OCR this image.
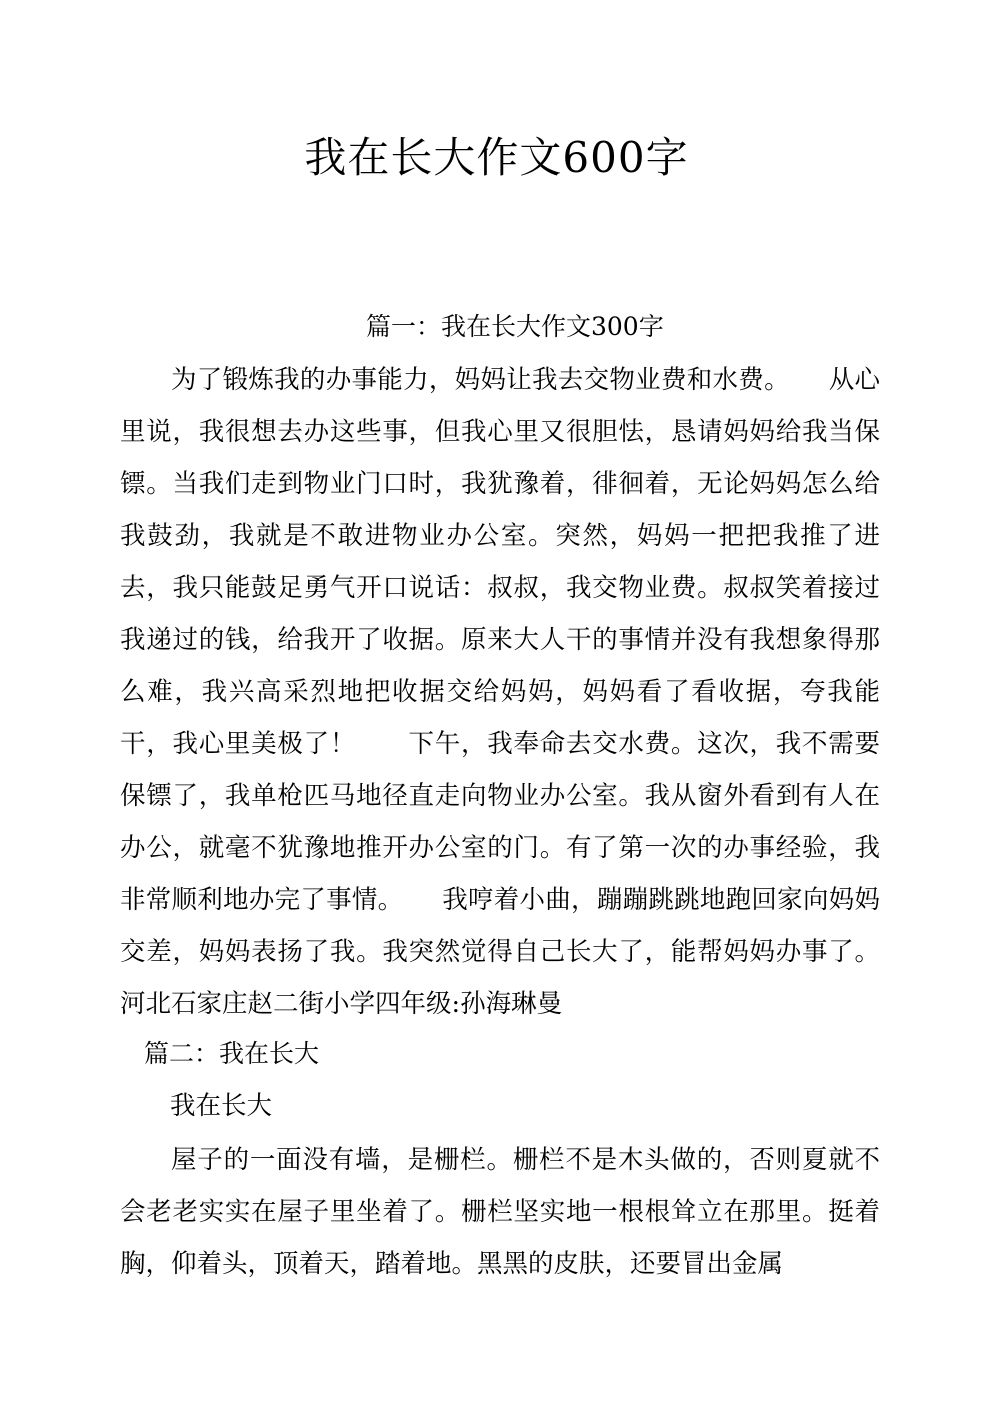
我在长大作文600字
篇一：我在长大作文300字

为了锻炼我的办事能力，妈妈让我去交物业费和水费。　　从心里说，我很想去办这些事，但我心里又很胆怯，恳请妈妈给我当保镖。当我们走到物业门口时，我犹豫着，徘徊着，无论妈妈怎么给我鼓劲，我就是不敢进物业办公室。突然，妈妈一把把我推了进去，我只能鼓足勇气开口说话：叔叔，我交物业费。叔叔笑着接过我递过的钱，给我开了收据。原来大人干的事情并没有我想象得那么难，我兴高采烈地把收据交给妈妈，妈妈看了看收据，夸我能干，我心里美极了！　　下午，我奉命去交水费。这次，我不需要保镖了，我单枪匹马地径直走向物业办公室。我从窗外看到有人在办公，就毫不犹豫地推开办公室的门。有了第一次的办事经验，我非常顺利地办完了事情。　　我哼着小曲，蹦蹦跳跳地跑回家向妈妈交差，妈妈表扬了我。我突然觉得自己长大了，能帮妈妈办事了。河北石家庄赵二街小学四年级:孙海琳曼

篇二：我在长大

我在长大

屋子的一面没有墙，是栅栏。栅栏不是木头做的，否则夏就不会老老实实在屋子里坐着了。栅栏坚实地一根根耸立在那里。挺着胸，仰着头，顶着天，踏着地。黑黑的皮肤，还要冒出金属
